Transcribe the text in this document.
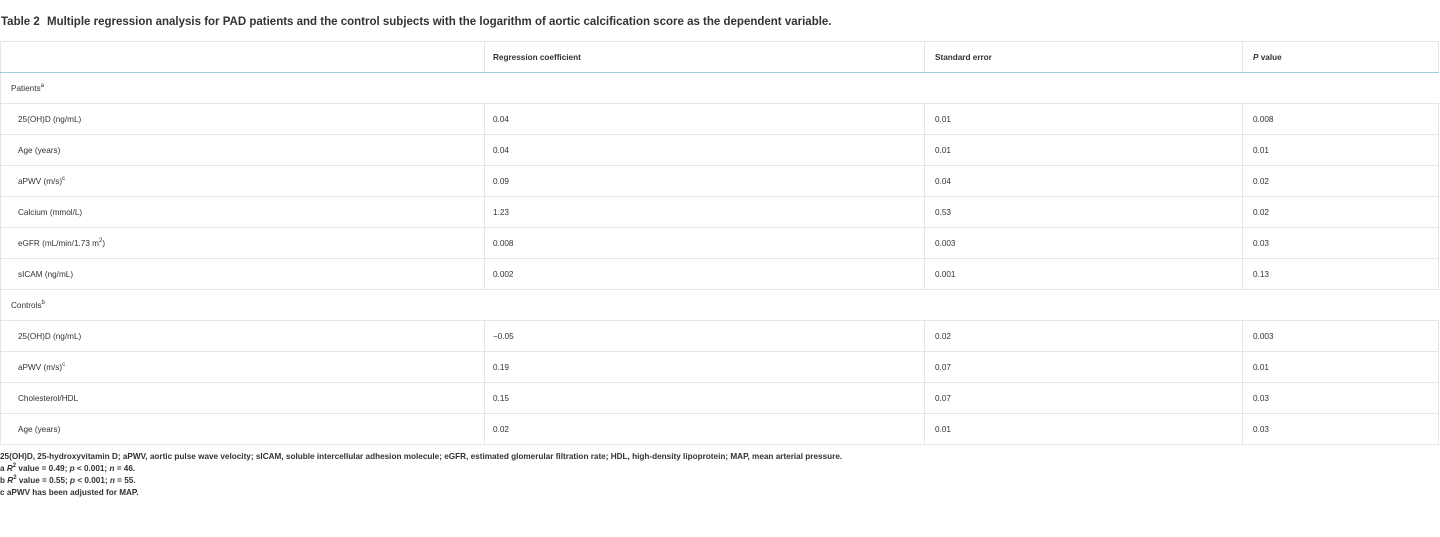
Table 2 Multiple regression analysis for PAD patients and the control subjects with the logarithm of aortic calcification score as the dependent variable.
	Regression coefficient	Standard error	P value
Patients$^a$
25(OH)D (ng/mL)	0.04	0.01	0.008
Age (years)	0.04	0.01	0.01
aPWV $(m/s)^c$	0.09	0.04	0.02
Calcium (mmol/L)	1.23	0.53	0.02
eGFR (mL/min/1.73 $m^2$)	0.008	0.003	0.03
sICAM (ng/mL)	0.002	0.001	0.13
Controls$^b$
25(OH)D (ng/mL)	−0.05	0.02	0.003
aPWV $(m/s)^c$	0.19	0.07	0.01
Cholesterol/HDL	0.15	0.07	0.03
Age (years)	0.02	0.01	0.03
25(OH)D, 25-hydroxyvitamin D; aPWV, aortic pulse wave velocity; sICAM, soluble intercellular adhesion molecule; eGFR, estimated glomerular filtration rate; HDL, high-density lipoprotein; MAP, mean arterial pressure.
a $R^2$ value = 0.49; p < 0.001; n = 46.
b $R^2$ value = 0.55; p < 0.001; n = 55.
c aPWV has been adjusted for MAP.
